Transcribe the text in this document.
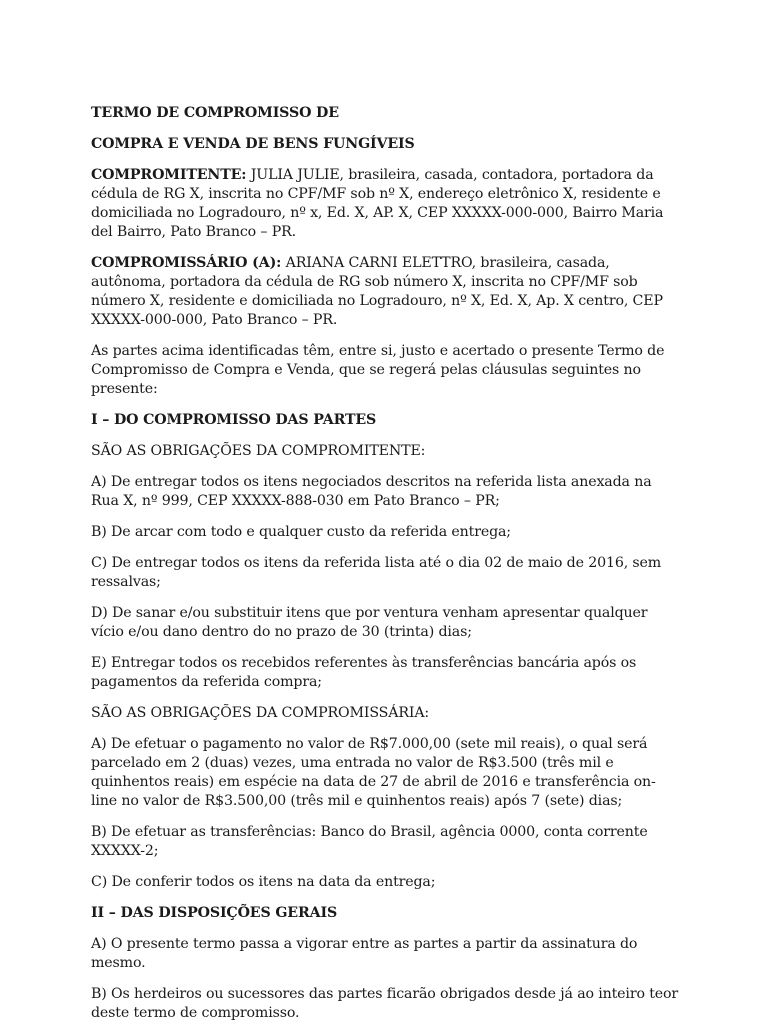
TERMO DE COMPROMISSO DE

COMPRA E VENDA DE BENS FUNGÍVEIS

COMPROMITENTE: JULIA JULIE, brasileira, casada, contadora, portadora da cédula de RG X, inscrita no CPF/MF sob nº X, endereço eletrônico X, residente e domiciliada no Logradouro, nº x, Ed. X, AP. X, CEP XXXXX-000-000, Bairro Maria del Bairro, Pato Branco – PR.

COMPROMISSÁRIO (A): ARIANA CARNI ELETTRO, brasileira, casada, autônoma, portadora da cédula de RG sob número X, inscrita no CPF/MF sob número X, residente e domiciliada no Logradouro, nº X, Ed. X, Ap. X centro, CEP XXXXX-000-000, Pato Branco – PR.

As partes acima identificadas têm, entre si, justo e acertado o presente Termo de Compromisso de Compra e Venda, que se regerá pelas cláusulas seguintes no presente:

I – DO COMPROMISSO DAS PARTES

SÃO AS OBRIGAÇÕES DA COMPROMITENTE:

A) De entregar todos os itens negociados descritos na referida lista anexada na Rua X, nº 999, CEP XXXXX-888-030 em Pato Branco – PR;

B) De arcar com todo e qualquer custo da referida entrega;

C) De entregar todos os itens da referida lista até o dia 02 de maio de 2016, sem ressalvas;

D) De sanar e/ou substituir itens que por ventura venham apresentar qualquer vício e/ou dano dentro do no prazo de 30 (trinta) dias;

E) Entregar todos os recebidos referentes às transferências bancária após os pagamentos da referida compra;

SÃO AS OBRIGAÇÕES DA COMPROMISSÁRIA:

A) De efetuar o pagamento no valor de R$7.000,00 (sete mil reais), o qual será parcelado em 2 (duas) vezes, uma entrada no valor de R$3.500 (três mil e quinhentos reais) em espécie na data de 27 de abril de 2016 e transferência on-line no valor de R$3.500,00 (três mil e quinhentos reais) após 7 (sete) dias;

B) De efetuar as transferências: Banco do Brasil, agência 0000, conta corrente XXXXX-2;

C) De conferir todos os itens na data da entrega;

II – DAS DISPOSIÇÕES GERAIS

A) O presente termo passa a vigorar entre as partes a partir da assinatura do mesmo.

B) Os herdeiros ou sucessores das partes ficarão obrigados desde já ao inteiro teor deste termo de compromisso.
